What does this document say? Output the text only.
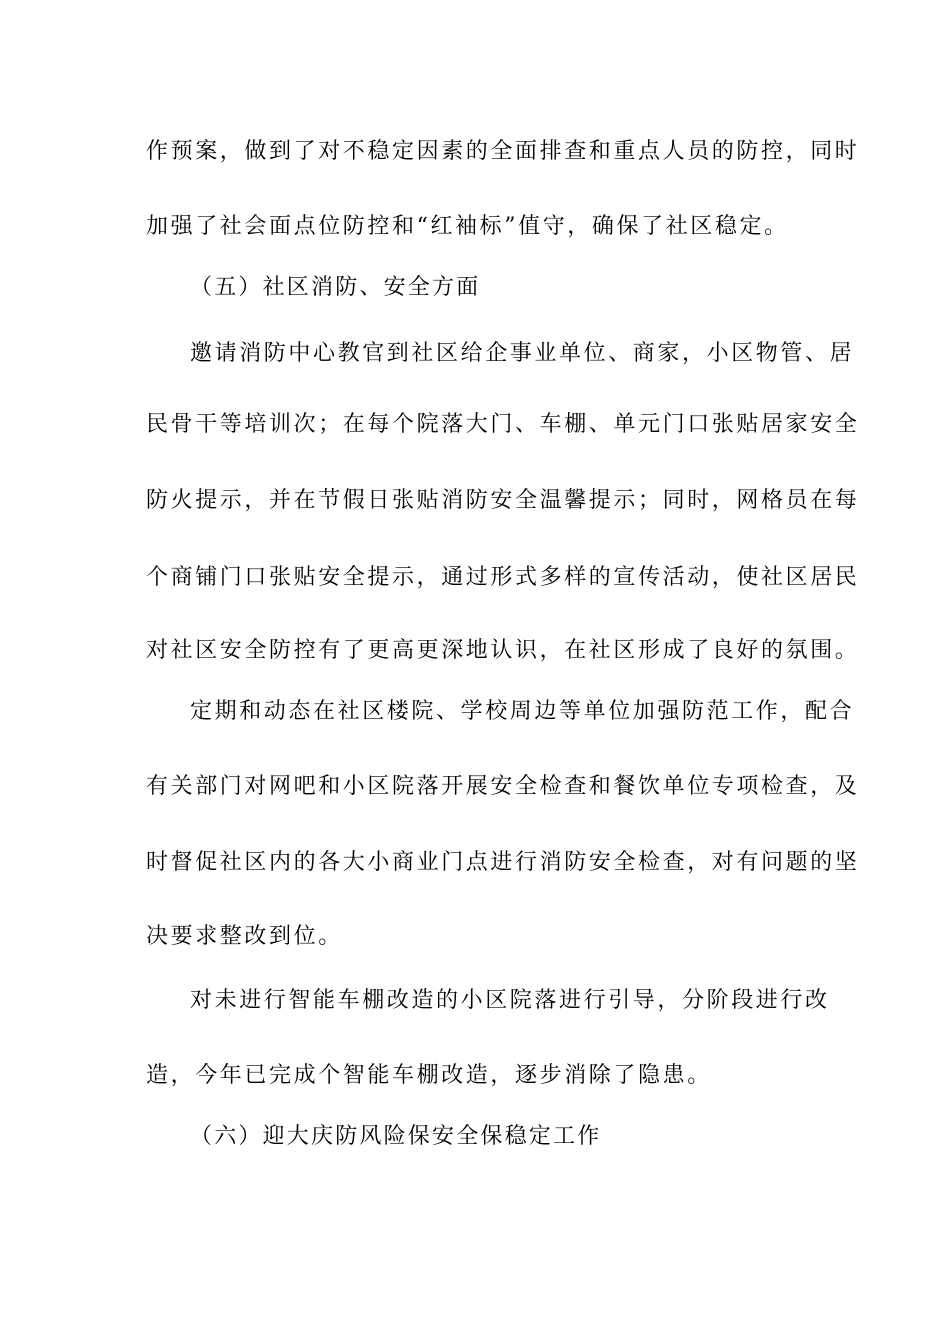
作预案，做到了对不稳定因素的全面排查和重点人员的防控，同时
加强了社会面点位防控和“红袖标”值守，确保了社区稳定。
（五）社区消防、安全方面
邀请消防中心教官到社区给企事业单位、商家，小区物管、居
民骨干等培训次；在每个院落大门、车棚、单元门口张贴居家安全
防火提示，并在节假日张贴消防安全温馨提示；同时，网格员在每
个商铺门口张贴安全提示，通过形式多样的宣传活动，使社区居民
对社区安全防控有了更高更深地认识，在社区形成了良好的氛围。
定期和动态在社区楼院、学校周边等单位加强防范工作，配合
有关部门对网吧和小区院落开展安全检查和餐饮单位专项检查，及
时督促社区内的各大小商业门点进行消防安全检查，对有问题的坚
决要求整改到位。
对未进行智能车棚改造的小区院落进行引导，分阶段进行改
造，今年已完成个智能车棚改造，逐步消除了隐患。
（六）迎大庆防风险保安全保稳定工作
